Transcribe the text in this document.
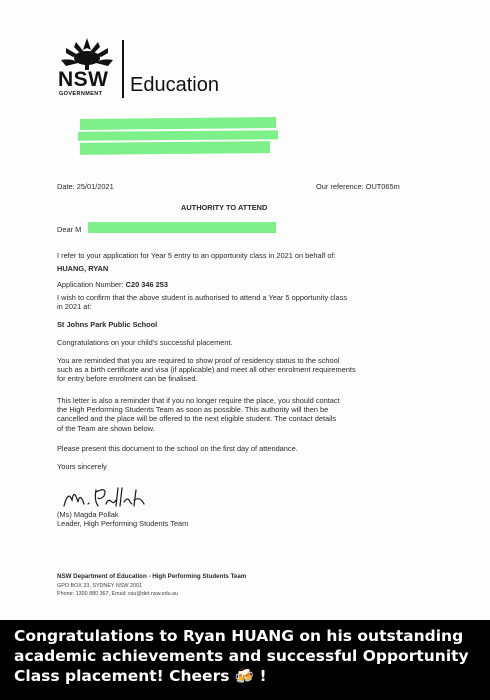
NSW
GOVERNMENT Education
Date: 25/01/2021	Our reference: OUT065m
AUTHORITY TO ATTEND
Dear M
I refer to your application for Year 5 entry to an opportunity class in 2021 on behalf of:
HUANG, RYAN
Application Number: C20 346 253
I wish to confirm that the above student is authorised to attend a Year 5 opportunity class
in 2021 at:
St Johns Park Public School
Congratulations on your child's successful placement.
You are reminded that you are required to show proof of residency status to the school
such as a birth certificate and visa (if applicable) and meet all other enrolment requirements
for entry before enrolment can be finalised.
This letter is also a reminder that if you no longer require the place, you should contact
the High Performing Students Team as soon as possible. This authority will then be
cancelled and the place will be offered to the next eligible student. The contact details
of the Team are shown below.
Please present this document to the school on the first day of attendance.
Yours sincerely
(Ms) Magda Pollak
Leader, High Performing Students Team
NSW Department of Education - High Performing Students Team
GPO BOX 33, SYDNEY NSW 2001
Phone: 1300 880 367, Email: ssu@det.nsw.edu.au
Congratulations to Ryan HUANG on his outstanding academic achievements and successful Opportunity Class placement! Cheers 🍻 !
